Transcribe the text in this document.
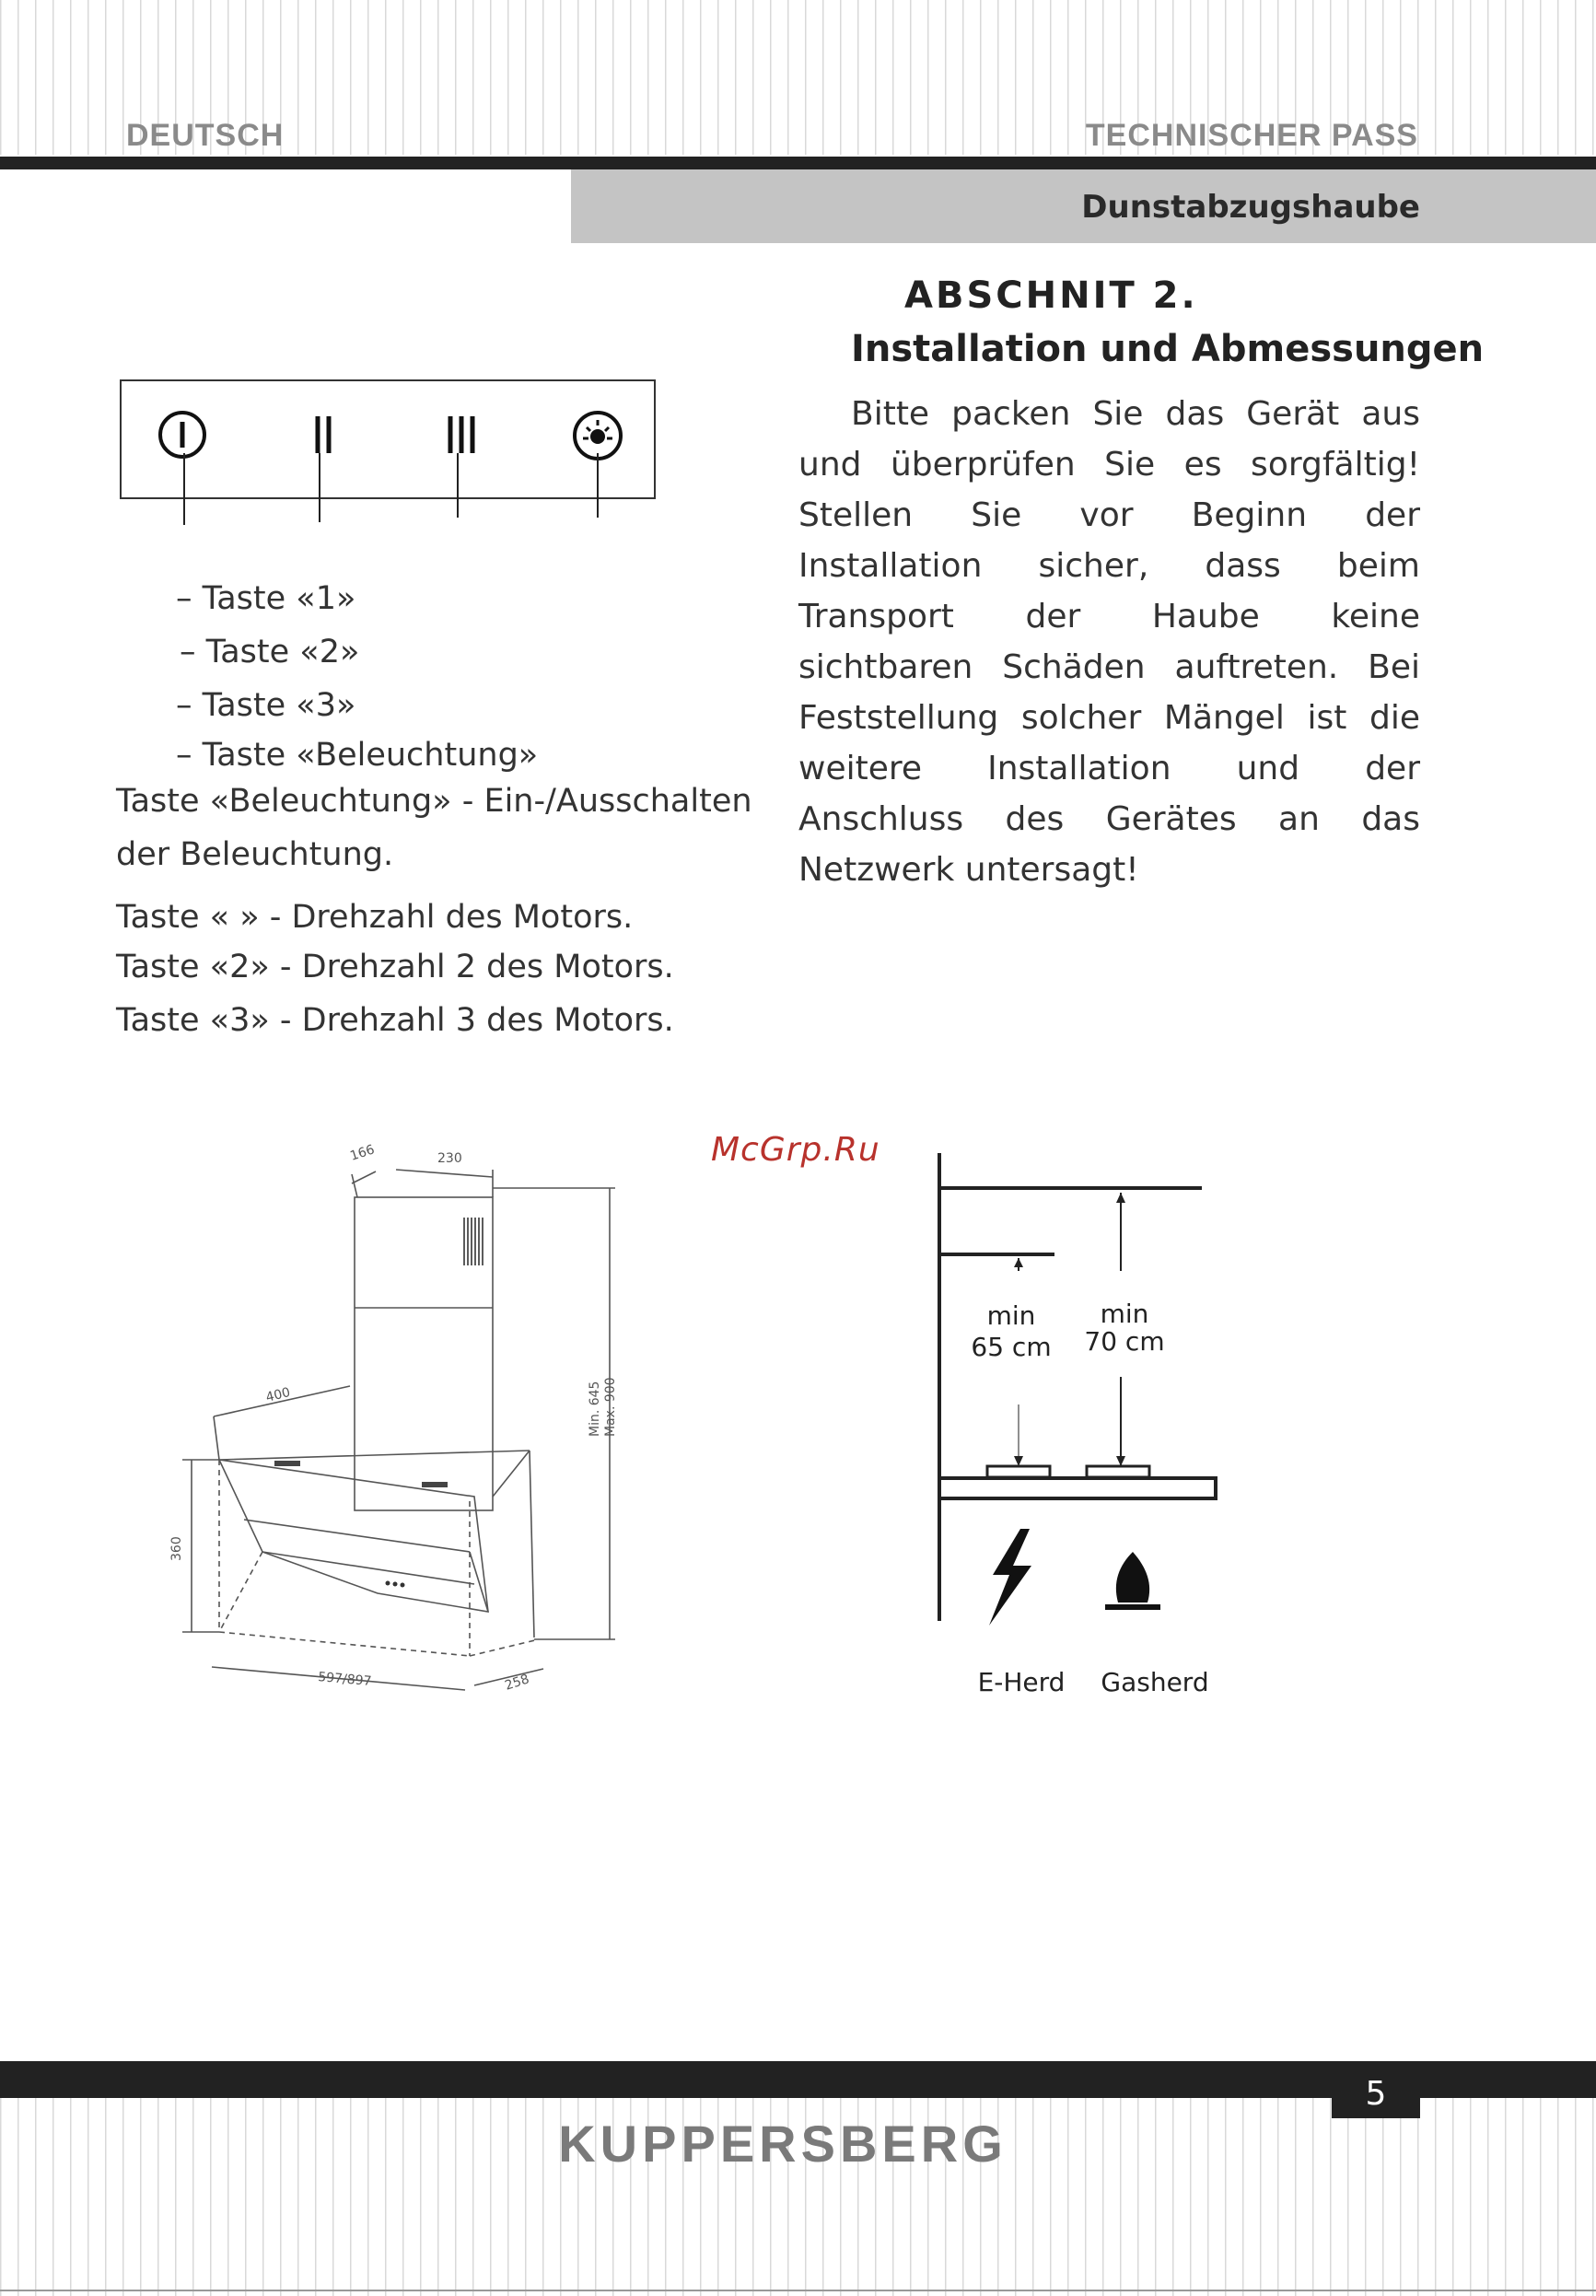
DEUTSCH	TECHNISCHER PASS
Dunstabzugshaube
ABSCHNIT 2.
Installation und Abmessungen
Bitte packen Sie das Gerät aus und überprüfen Sie es sorgfältig! Stellen Sie vor Beginn der Installation sicher, dass beim Transport der Haube keine sichtbaren Schäden auftreten. Bei Feststellung solcher Mängel ist die weitere Installation und der Anschluss des Gerätes an das Netzwerk untersagt!
– Taste «1»
– Taste «2»
– Taste «3»
– Taste «Beleuchtung»
Taste «Beleuchtung» - Ein-/Ausschalten
der Beleuchtung.
Taste « » - Drehzahl des Motors.
Taste «2» - Drehzahl 2 des Motors.
Taste «3» - Drehzahl 3 des Motors.
McGrp.Ru
166	230
Min. 645 Max. 900
400
360
597/897	258
min
65 cm
min
70 cm
E-Herd Gasherd
5
KUPPERSBERG
